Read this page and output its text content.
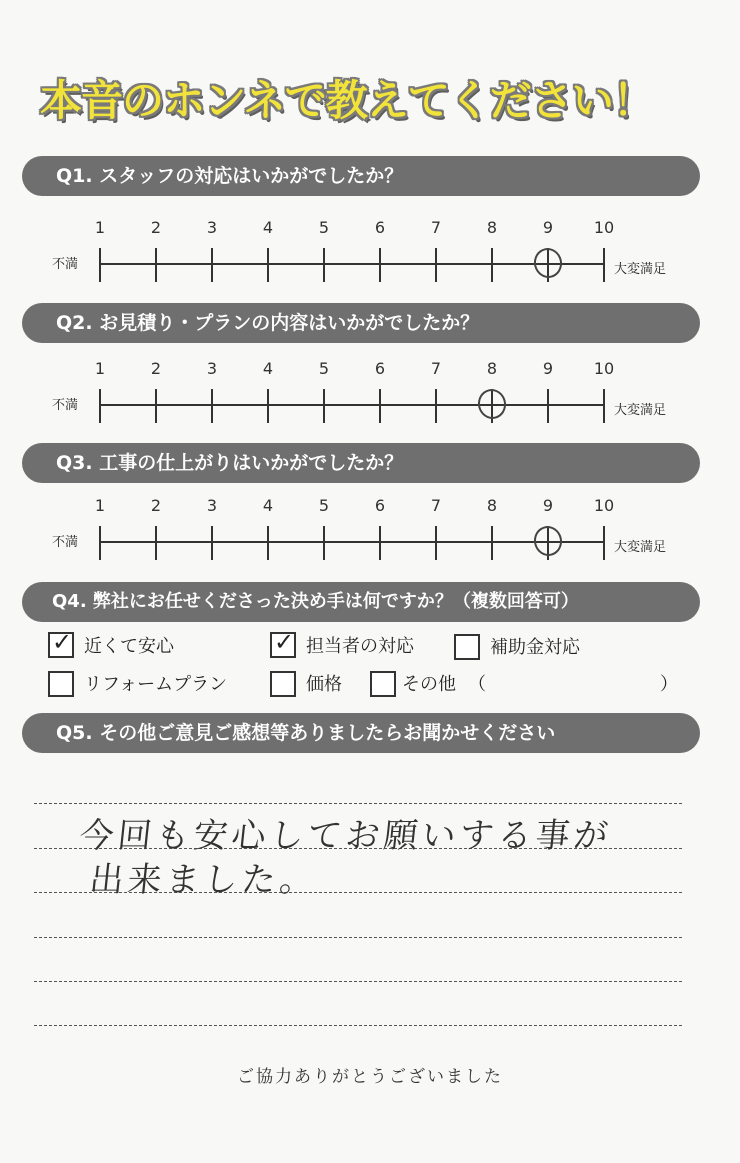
本音のホンネで教えてください！
Q1. スタッフの対応はいかがでしたか？
1	2	3	4	5	6	7	8	9	10
不満	大変満足
Q2. お見積り・プランの内容はいかがでしたか？
1	2	3	4	5	6	7	8	9	10
不満	大変満足
Q3. 工事の仕上がりはいかがでしたか？
1	2	3	4	5	6	7	8	9	10
不満	大変満足
Q4. 弊社にお任せくださった決め手は何ですか？（複数回答可）
✓ 近くて安心	✓ 担当者の対応	補助金対応
リフォームプラン	価格	その他 （	）
Q5. その他ご意見ご感想等ありましたらお聞かせください
今回も安心してお願いする事が
出来ました。
ご協力ありがとうございました
